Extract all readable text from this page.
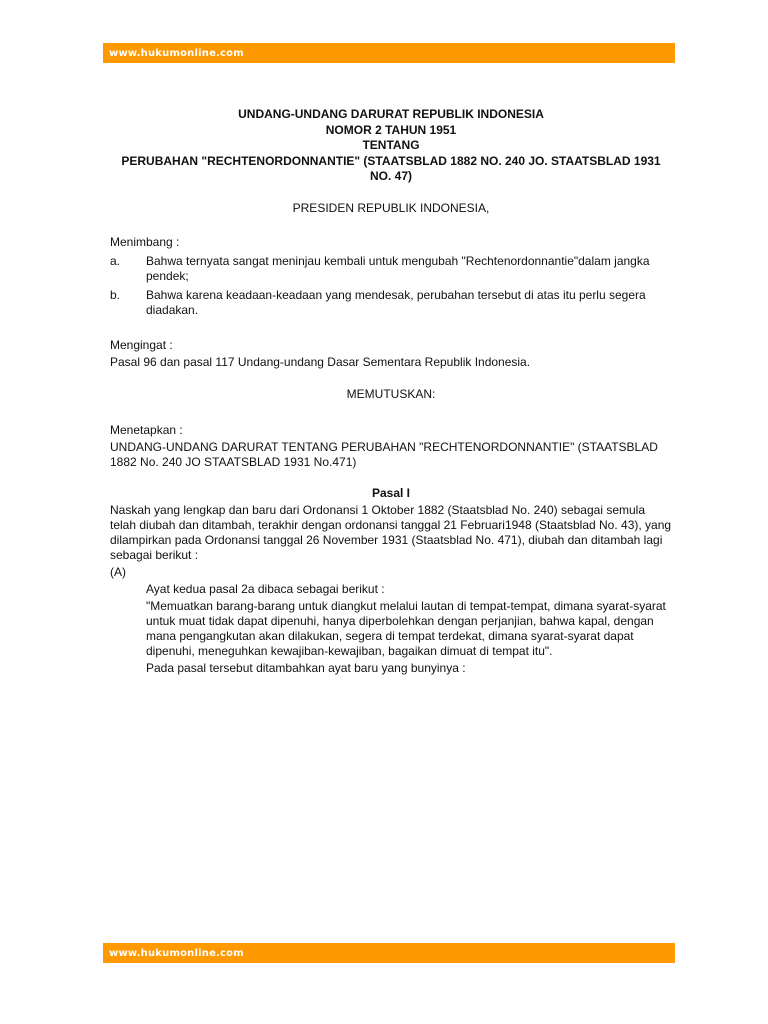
www.hukumonline.com

UNDANG-UNDANG DARURAT REPUBLIK INDONESIA

NOMOR 2 TAHUN 1951

TENTANG

PERUBAHAN "RECHTENORDONNANTIE" (STAATSBLAD 1882 NO. 240 JO. STAATSBLAD 1931 NO. 47)

PRESIDEN REPUBLIK INDONESIA,

Menimbang :

a.	Bahwa ternyata sangat meninjau kembali untuk mengubah "Rechtenordonnantie"dalam jangka pendek;
b.	Bahwa karena keadaan-keadaan yang mendesak, perubahan tersebut di atas itu perlu segera diadakan.

Mengingat :

Pasal 96 dan pasal 117 Undang-undang Dasar Sementara Republik Indonesia.

MEMUTUSKAN:

Menetapkan :

UNDANG-UNDANG DARURAT TENTANG PERUBAHAN "RECHTENORDONNANTIE" (STAATSBLAD 1882 No. 240 JO STAATSBLAD 1931 No.471)

Pasal I

Naskah yang lengkap dan baru dari Ordonansi 1 Oktober 1882 (Staatsblad No. 240) sebagai semula telah diubah dan ditambah, terakhir dengan ordonansi tanggal 21 Februari1948 (Staatsblad No. 43), yang dilampirkan pada Ordonansi tanggal 26 November 1931 (Staatsblad No. 471), diubah dan ditambah lagi sebagai berikut :

(A)

Ayat kedua pasal 2a dibaca sebagai berikut :

"Memuatkan barang-barang untuk diangkut melalui lautan di tempat-tempat, dimana syarat-syarat untuk muat tidak dapat dipenuhi, hanya diperbolehkan dengan perjanjian, bahwa kapal, dengan mana pengangkutan akan dilakukan, segera di tempat terdekat, dimana syarat-syarat dapat dipenuhi, meneguhkan kewajiban-kewajiban, bagaikan dimuat di tempat itu".

Pada pasal tersebut ditambahkan ayat baru yang bunyinya :

www.hukumonline.com
